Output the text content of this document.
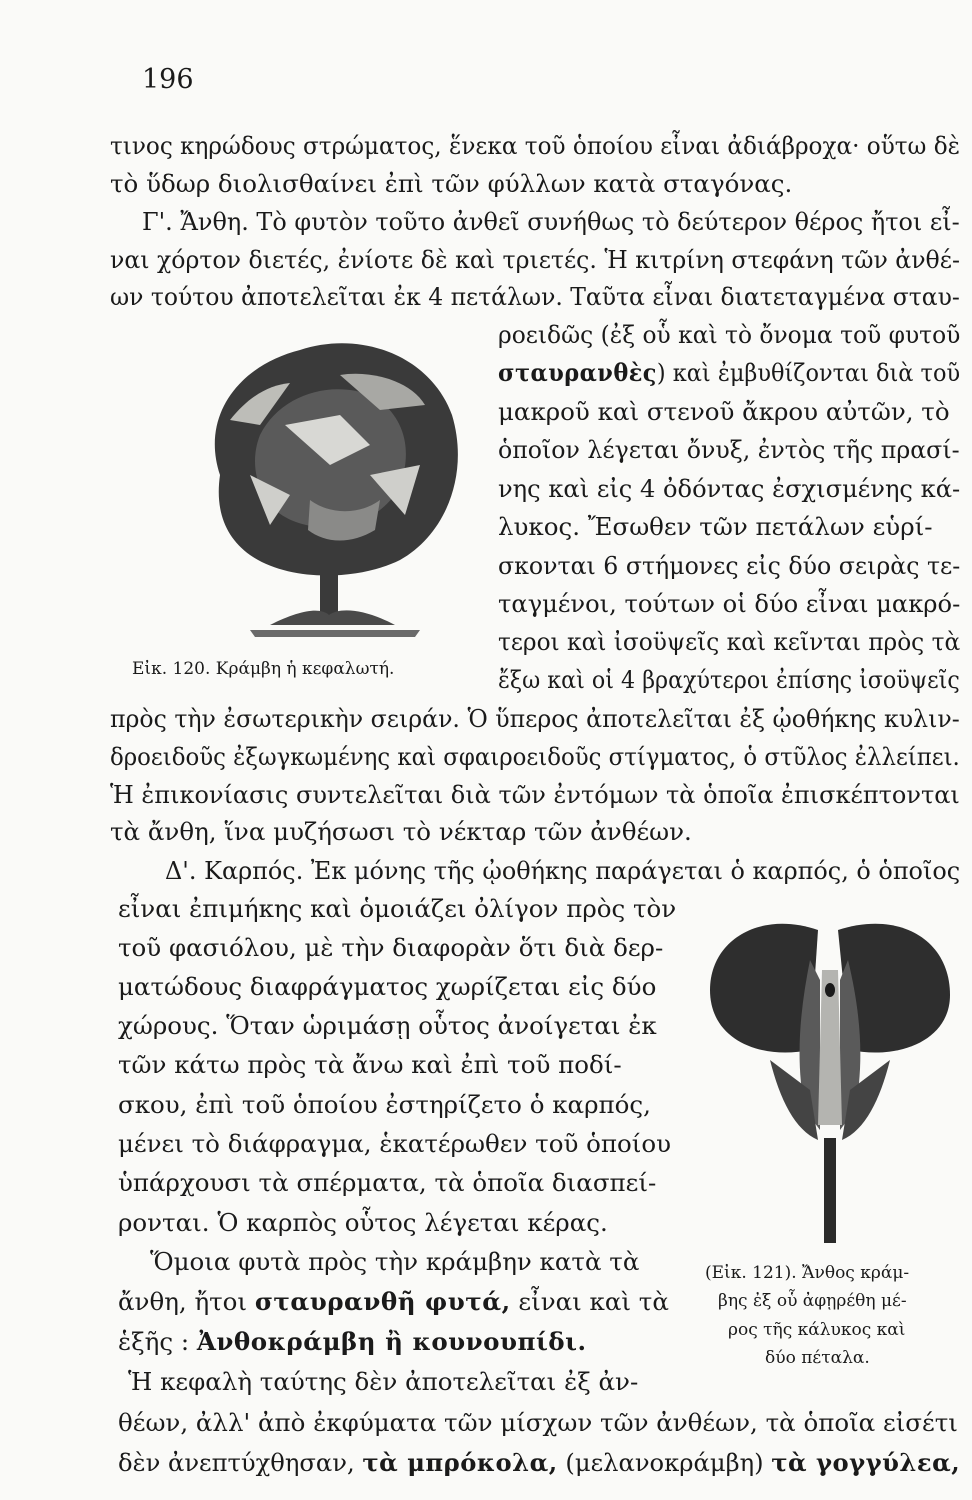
196
τινος κηρώδους στρώματος, ἕνεκα τοῦ ὁποίου εἶναι ἀδιάβροχα· οὕτω δὲ
τὸ ὕδωρ διολισθαίνει ἐπὶ τῶν φύλλων κατὰ σταγόνας.
Γ'. Ἄνθη. Τὸ φυτὸν τοῦτο ἀνθεῖ συνήθως τὸ δεύτερον θέρος ἤτοι εἶ-
ναι χόρτον διετές, ἐνίοτε δὲ καὶ τριετές. Ἡ κιτρίνη στεφάνη τῶν ἀνθέ-
ων τούτου ἀποτελεῖται ἐκ 4 πετάλων. Ταῦτα εἶναι διατεταγμένα σταυ-
ροειδῶς (ἐξ οὗ καὶ τὸ ὄνομα τοῦ φυτοῦ
σταυρανθὲς) καὶ ἐμβυθίζονται διὰ τοῦ
μακροῦ καὶ στενοῦ ἄκρου αὐτῶν, τὸ
ὁποῖον λέγεται ὄνυξ, ἐντὸς τῆς πρασί-
νης καὶ εἰς 4 ὀδόντας ἐσχισμένης κά-
λυκος. Ἔσωθεν τῶν πετάλων εὑρί-
σκονται 6 στήμονες εἰς δύο σειρὰς τε-
ταγμένοι, τούτων οἱ δύο εἶναι μακρό-
τεροι καὶ ἰσοϋψεῖς καὶ κεῖνται πρὸς τὰ
ἔξω καὶ οἱ 4 βραχύτεροι ἐπίσης ἰσοϋψεῖς
Εἰκ. 120. Κράμβη ἡ κεφαλωτή.
πρὸς τὴν ἐσωτερικὴν σειράν. Ὁ ὕπερος ἀποτελεῖται ἐξ ᾠοθήκης κυλιν-
δροειδοῦς ἐξωγκωμένης καὶ σφαιροειδοῦς στίγματος, ὁ στῦλος ἐλλείπει.
Ἡ ἐπικονίασις συντελεῖται διὰ τῶν ἐντόμων τὰ ὁποῖα ἐπισκέπτονται
τὰ ἄνθη, ἵνα μυζήσωσι τὸ νέκταρ τῶν ἀνθέων.
Δ'. Καρπός. Ἐκ μόνης τῆς ᾠοθήκης παράγεται ὁ καρπός, ὁ ὁποῖος
εἶναι ἐπιμήκης καὶ ὁμοιάζει ὀλίγον πρὸς τὸν
τοῦ φασιόλου, μὲ τὴν διαφορὰν ὅτι διὰ δερ-
ματώδους διαφράγματος χωρίζεται εἰς δύο
χώρους. Ὅταν ὡριμάσῃ οὗτος ἀνοίγεται ἐκ
τῶν κάτω πρὸς τὰ ἄνω καὶ ἐπὶ τοῦ ποδί-
σκου, ἐπὶ τοῦ ὁποίου ἐστηρίζετο ὁ καρπός,
μένει τὸ διάφραγμα, ἑκατέρωθεν τοῦ ὁποίου
ὑπάρχουσι τὰ σπέρματα, τὰ ὁποῖα διασπεί-
ρονται. Ὁ καρπὸς οὗτος λέγεται κέρας.
Ὅμοια φυτὰ πρὸς τὴν κράμβην κατὰ τὰ
ἄνθη, ἤτοι σταυρανθῆ φυτά, εἶναι καὶ τὰ
ἑξῆς : Ἀνθοκράμβη ἢ κουνουπίδι.
Ἡ κεφαλὴ ταύτης δὲν ἀποτελεῖται ἐξ ἀν-
(Εἰκ. 121). Ἄνθος κράμ-
βης ἐξ οὗ ἀφῃρέθη μέ-
ρος τῆς κάλυκος καὶ
δύο πέταλα.
θέων, ἀλλ' ἀπὸ ἐκφύματα τῶν μίσχων τῶν ἀνθέων, τὰ ὁποῖα εἰσέτι
δὲν ἀνεπτύχθησαν, τὰ μπρόκολα, (μελανοκράμβη) τὰ γογγύλεα,
